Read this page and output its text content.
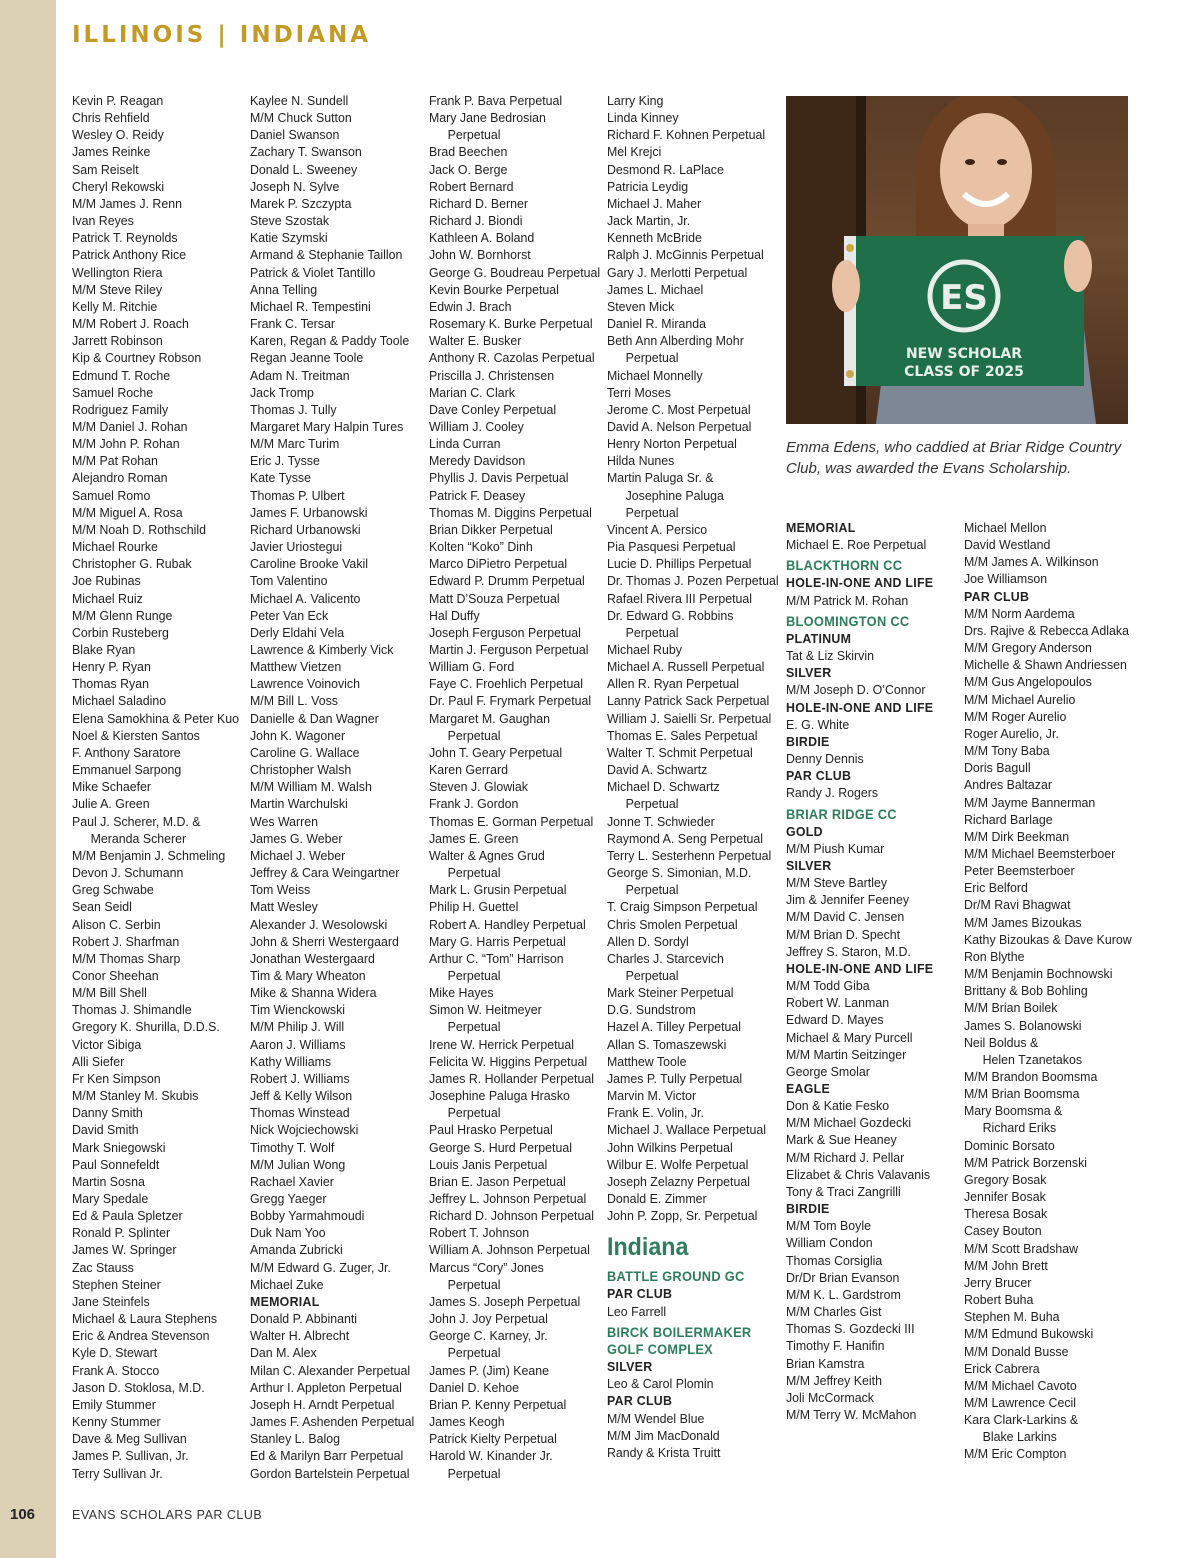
ILLINOIS | INDIANA
Kevin P. Reagan
Chris Rehfield
Wesley O. Reidy
James Reinke
Sam Reiselt
Cheryl Rekowski
M/M James J. Renn
Ivan Reyes
Patrick T. Reynolds
Patrick Anthony Rice
Wellington Riera
M/M Steve Riley
Kelly M. Ritchie
M/M Robert J. Roach
Jarrett Robinson
Kip & Courtney Robson
Edmund T. Roche
Samuel Roche
Rodriguez Family
M/M Daniel J. Rohan
M/M John P. Rohan
M/M Pat Rohan
Alejandro Roman
Samuel Romo
M/M Miguel A. Rosa
M/M Noah D. Rothschild
Michael Rourke
Christopher G. Rubak
Joe Rubinas
Michael Ruiz
M/M Glenn Runge
Corbin Rusteberg
Blake Ryan
Henry P. Ryan
Thomas Ryan
Michael Saladino
Elena Samokhina & Peter Kuo
Noel & Kiersten Santos
F. Anthony Saratore
Emmanuel Sarpong
Mike Schaefer
Julie A. Green
Paul J. Scherer, M.D. &
Meranda Scherer
M/M Benjamin J. Schmeling
Devon J. Schumann
Greg Schwabe
Sean Seidl
Alison C. Serbin
Robert J. Sharfman
M/M Thomas Sharp
Conor Sheehan
M/M Bill Shell
Thomas J. Shimandle
Gregory K. Shurilla, D.D.S.
Victor Sibiga
Alli Siefer
Fr Ken Simpson
M/M Stanley M. Skubis
Danny Smith
David Smith
Mark Sniegowski
Paul Sonnefeldt
Martin Sosna
Mary Spedale
Ed & Paula Spletzer
Ronald P. Splinter
James W. Springer
Zac Stauss
Stephen Steiner
Jane Steinfels
Michael & Laura Stephens
Eric & Andrea Stevenson
Kyle D. Stewart
Frank A. Stocco
Jason D. Stoklosa, M.D.
Emily Stummer
Kenny Stummer
Dave & Meg Sullivan
James P. Sullivan, Jr.
Terry Sullivan Jr.
Kaylee N. Sundell
M/M Chuck Sutton
Daniel Swanson
Zachary T. Swanson
Donald L. Sweeney
Joseph N. Sylve
Marek P. Szczypta
Steve Szostak
Katie Szymski
Armand & Stephanie Taillon
Patrick & Violet Tantillo
Anna Telling
Michael R. Tempestini
Frank C. Tersar
Karen, Regan & Paddy Toole
Regan Jeanne Toole
Adam N. Treitman
Jack Tromp
Thomas J. Tully
Margaret Mary Halpin Tures
M/M Marc Turim
Eric J. Tysse
Kate Tysse
Thomas P. Ulbert
James F. Urbanowski
Richard Urbanowski
Javier Uriostegui
Caroline Brooke Vakil
Tom Valentino
Michael A. Valicento
Peter Van Eck
Derly Eldahi Vela
Lawrence & Kimberly Vick
Matthew Vietzen
Lawrence Voinovich
M/M Bill L. Voss
Danielle & Dan Wagner
John K. Wagoner
Caroline G. Wallace
Christopher Walsh
M/M William M. Walsh
Martin Warchulski
Wes Warren
James G. Weber
Michael J. Weber
Jeffrey & Cara Weingartner
Tom Weiss
Matt Wesley
Alexander J. Wesolowski
John & Sherri Westergaard
Jonathan Westergaard
Tim & Mary Wheaton
Mike & Shanna Widera
Tim Wienckowski
M/M Philip J. Will
Aaron J. Williams
Kathy Williams
Robert J. Williams
Jeff & Kelly Wilson
Thomas Winstead
Nick Wojciechowski
Timothy T. Wolf
M/M Julian Wong
Rachael Xavier
Gregg Yaeger
Bobby Yarmahmoudi
Duk Nam Yoo
Amanda Zubricki
M/M Edward G. Zuger, Jr.
Michael Zuke
MEMORIAL
Donald P. Abbinanti
Walter H. Albrecht
Dan M. Alex
Milan C. Alexander Perpetual
Arthur I. Appleton Perpetual
Joseph H. Arndt Perpetual
James F. Ashenden Perpetual
Stanley L. Balog
Ed & Marilyn Barr Perpetual
Gordon Bartelstein Perpetual
Frank P. Bava Perpetual
Mary Jane Bedrosian
Perpetual
Brad Beechen
Jack O. Berge
Robert Bernard
Richard D. Berner
Richard J. Biondi
Kathleen A. Boland
John W. Bornhorst
George G. Boudreau Perpetual
Kevin Bourke Perpetual
Edwin J. Brach
Rosemary K. Burke Perpetual
Walter E. Busker
Anthony R. Cazolas Perpetual
Priscilla J. Christensen
Marian C. Clark
Dave Conley Perpetual
William J. Cooley
Linda Curran
Meredy Davidson
Phyllis J. Davis Perpetual
Patrick F. Deasey
Thomas M. Diggins Perpetual
Brian Dikker Perpetual
Kolten “Koko” Dinh
Marco DiPietro Perpetual
Edward P. Drumm Perpetual
Matt D’Souza Perpetual
Hal Duffy
Joseph Ferguson Perpetual
Martin J. Ferguson Perpetual
William G. Ford
Faye C. Froehlich Perpetual
Dr. Paul F. Frymark Perpetual
Margaret M. Gaughan
Perpetual
John T. Geary Perpetual
Karen Gerrard
Steven J. Glowiak
Frank J. Gordon
Thomas E. Gorman Perpetual
James E. Green
Walter & Agnes Grud
Perpetual
Mark L. Grusin Perpetual
Philip H. Guettel
Robert A. Handley Perpetual
Mary G. Harris Perpetual
Arthur C. “Tom” Harrison
Perpetual
Mike Hayes
Simon W. Heitmeyer
Perpetual
Irene W. Herrick Perpetual
Felicita W. Higgins Perpetual
James R. Hollander Perpetual
Josephine Paluga Hrasko
Perpetual
Paul Hrasko Perpetual
George S. Hurd Perpetual
Louis Janis Perpetual
Brian E. Jason Perpetual
Jeffrey L. Johnson Perpetual
Richard D. Johnson Perpetual
Robert T. Johnson
William A. Johnson Perpetual
Marcus “Cory” Jones
Perpetual
James S. Joseph Perpetual
John J. Joy Perpetual
George C. Karney, Jr.
Perpetual
James P. (Jim) Keane
Daniel D. Kehoe
Brian P. Kenny Perpetual
James Keogh
Patrick Kielty Perpetual
Harold W. Kinander Jr.
Perpetual
Larry King
Linda Kinney
Richard F. Kohnen Perpetual
Mel Krejci
Desmond R. LaPlace
Patricia Leydig
Michael J. Maher
Jack Martin, Jr.
Kenneth McBride
Ralph J. McGinnis Perpetual
Gary J. Merlotti Perpetual
James L. Michael
Steven Mick
Daniel R. Miranda
Beth Ann Alberding Mohr
Perpetual
Michael Monnelly
Terri Moses
Jerome C. Most Perpetual
David A. Nelson Perpetual
Henry Norton Perpetual
Hilda Nunes
Martin Paluga Sr. &
Josephine Paluga
Perpetual
Vincent A. Persico
Pia Pasquesi Perpetual
Lucie D. Phillips Perpetual
Dr. Thomas J. Pozen Perpetual
Rafael Rivera III Perpetual
Dr. Edward G. Robbins
Perpetual
Michael Ruby
Michael A. Russell Perpetual
Allen R. Ryan Perpetual
Lanny Patrick Sack Perpetual
William J. Saielli Sr. Perpetual
Thomas E. Sales Perpetual
Walter T. Schmit Perpetual
David A. Schwartz
Michael D. Schwartz
Perpetual
Jonne T. Schwieder
Raymond A. Seng Perpetual
Terry L. Sesterhenn Perpetual
George S. Simonian, M.D.
Perpetual
T. Craig Simpson Perpetual
Chris Smolen Perpetual
Allen D. Sordyl
Charles J. Starcevich
Perpetual
Mark Steiner Perpetual
D.G. Sundstrom
Hazel A. Tilley Perpetual
Allan S. Tomaszewski
Matthew Toole
James P. Tully Perpetual
Marvin M. Victor
Frank E. Volin, Jr.
Michael J. Wallace Perpetual
John Wilkins Perpetual
Wilbur E. Wolfe Perpetual
Joseph Zelazny Perpetual
Donald E. Zimmer
John P. Zopp, Sr. Perpetual
Indiana
BATTLE GROUND GC
PAR CLUB
Leo Farrell
BIRCK BOILERMAKER
GOLF COMPLEX
SILVER
Leo & Carol Plomin
PAR CLUB
M/M Wendel Blue
M/M Jim MacDonald
Randy & Krista Truitt
MEMORIAL
Michael E. Roe Perpetual
BLACKTHORN CC
HOLE-IN-ONE AND LIFE
M/M Patrick M. Rohan
BLOOMINGTON CC
PLATINUM
Tat & Liz Skirvin
SILVER
M/M Joseph D. O’Connor
HOLE-IN-ONE AND LIFE
E. G. White
BIRDIE
Denny Dennis
PAR CLUB
Randy J. Rogers
BRIAR RIDGE CC
GOLD
M/M Piush Kumar
SILVER
M/M Steve Bartley
Jim & Jennifer Feeney
M/M David C. Jensen
M/M Brian D. Specht
Jeffrey S. Staron, M.D.
HOLE-IN-ONE AND LIFE
M/M Todd Giba
Robert W. Lanman
Edward D. Mayes
Michael & Mary Purcell
M/M Martin Seitzinger
George Smolar
EAGLE
Don & Katie Fesko
M/M Michael Gozdecki
Mark & Sue Heaney
M/M Richard J. Pellar
Elizabet & Chris Valavanis
Tony & Traci Zangrilli
BIRDIE
M/M Tom Boyle
William Condon
Thomas Corsiglia
Dr/Dr Brian Evanson
M/M K. L. Gardstrom
M/M Charles Gist
Thomas S. Gozdecki III
Timothy F. Hanifin
Brian Kamstra
M/M Jeffrey Keith
Joli McCormack
M/M Terry W. McMahon
Michael Mellon
David Westland
M/M James A. Wilkinson
Joe Williamson
PAR CLUB
M/M Norm Aardema
Drs. Rajive & Rebecca Adlaka
M/M Gregory Anderson
Michelle & Shawn Andriessen
M/M Gus Angelopoulos
M/M Michael Aurelio
M/M Roger Aurelio
Roger Aurelio, Jr.
M/M Tony Baba
Doris Bagull
Andres Baltazar
M/M Jayme Bannerman
Richard Barlage
M/M Dirk Beekman
M/M Michael Beemsterboer
Peter Beemsterboer
Eric Belford
Dr/M Ravi Bhagwat
M/M James Bizoukas
Kathy Bizoukas & Dave Kurow
Ron Blythe
M/M Benjamin Bochnowski
Brittany & Bob Bohling
M/M Brian Boilek
James S. Bolanowski
Neil Boldus &
Helen Tzanetakos
M/M Brandon Boomsma
M/M Brian Boomsma
Mary Boomsma &
Richard Eriks
Dominic Borsato
M/M Patrick Borzenski
Gregory Bosak
Jennifer Bosak
Theresa Bosak
Casey Bouton
M/M Scott Bradshaw
M/M John Brett
Jerry Brucer
Robert Buha
Stephen M. Buha
M/M Edmund Bukowski
M/M Donald Busse
Erick Cabrera
M/M Michael Cavoto
M/M Lawrence Cecil
Kara Clark-Larkins &
Blake Larkins
M/M Eric Compton
ES
NEW SCHOLAR
CLASS OF 2025
Emma Edens, who caddied at Briar Ridge Country Club, was awarded the Evans Scholarship.
106	EVANS SCHOLARS PAR CLUB
